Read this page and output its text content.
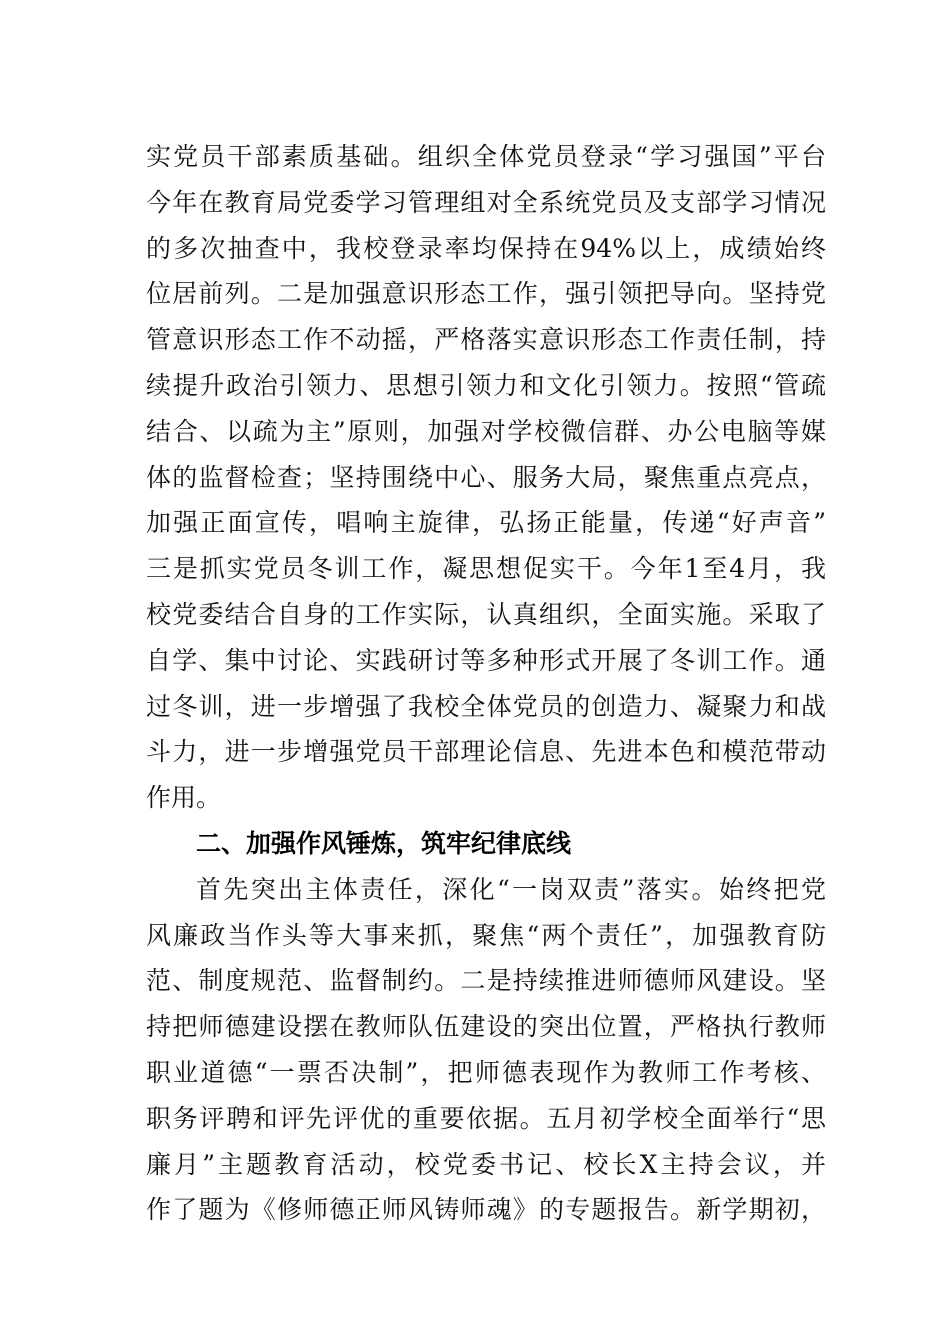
实党员干部素质基础。组织全体党员登录“学习强国”平台
今年在教育局党委学习管理组对全系统党员及支部学习情况
的多次抽查中，我校登录率均保持在94%以上，成绩始终
位居前列。二是加强意识形态工作，强引领把导向。坚持党
管意识形态工作不动摇，严格落实意识形态工作责任制，持
续提升政治引领力、思想引领力和文化引领力。按照“管疏
结合、以疏为主”原则，加强对学校微信群、办公电脑等媒
体的监督检查；坚持围绕中心、服务大局，聚焦重点亮点，
加强正面宣传，唱响主旋律，弘扬正能量，传递“好声音”
三是抓实党员冬训工作，凝思想促实干。今年1至4月，我
校党委结合自身的工作实际，认真组织，全面实施。采取了
自学、集中讨论、实践研讨等多种形式开展了冬训工作。通
过冬训，进一步增强了我校全体党员的创造力、凝聚力和战
斗力，进一步增强党员干部理论信息、先进本色和模范带动
作用。
二、加强作风锤炼，筑牢纪律底线
首先突出主体责任，深化“一岗双责”落实。始终把党
风廉政当作头等大事来抓，聚焦“两个责任”，加强教育防
范、制度规范、监督制约。二是持续推进师德师风建设。坚
持把师德建设摆在教师队伍建设的突出位置，严格执行教师
职业道德“一票否决制”，把师德表现作为教师工作考核、
职务评聘和评先评优的重要依据。五月初学校全面举行“思
廉月”主题教育活动，校党委书记、校长X主持会议，并
作了题为《修师德正师风铸师魂》的专题报告。新学期初，
